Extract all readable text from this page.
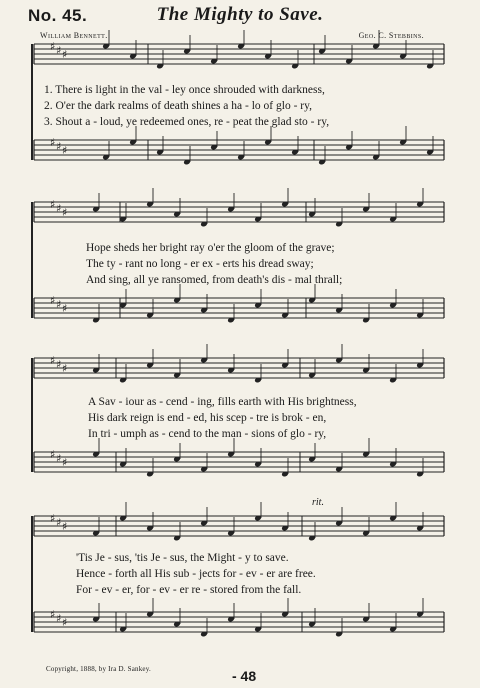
No. 45.	The Mighty to Save.
William Bennett.	Geo. C. Stebbins.
♯ ♯ ♯
♯ ♯ ♯
♯ ♯ ♯
♯ ♯ ♯
♯ ♯ ♯
♯ ♯ ♯
♯ ♯ ♯
♯ ♯ ♯
1. There is light in the val - ley once shrouded with darkness,
2. O'er the dark realms of death shines a ha - lo of glo - ry,
3. Shout a - loud, ye redeemed ones, re - peat the glad sto - ry,
Hope sheds her bright ray o'er the gloom of the grave;
The ty - rant no long - er ex - erts his dread sway;
And sing, all ye ransomed, from death's dis - mal thrall;
A Sav - iour as - cend - ing, fills earth with His brightness,
His dark reign is end - ed, his scep - tre is brok - en,
In tri - umph as - cend to the man - sions of glo - ry,
'Tis Je - sus, 'tis Je - sus, the Might - y to save.
Hence - forth all His sub - jects for - ev - er are free.
For - ev - er, for - ev - er re - stored from the fall.
rit.
Copyright, 1888, by Ira D. Sankey.	- 48
